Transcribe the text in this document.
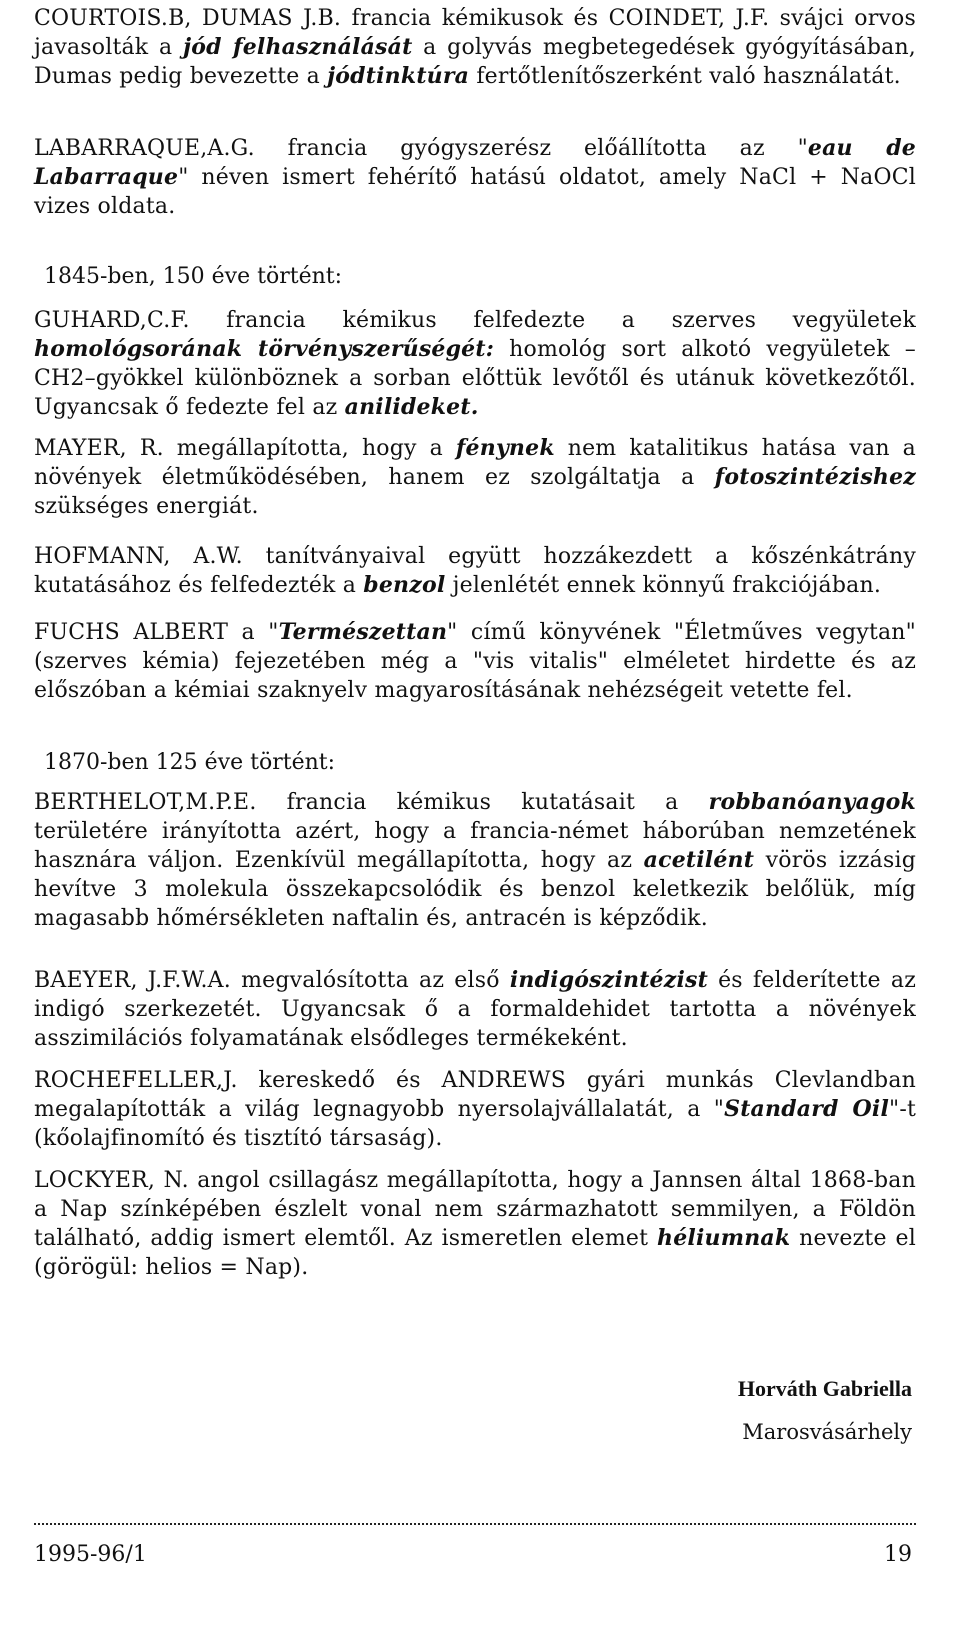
COURTOIS.B, DUMAS J.B. francia kémikusok és COINDET, J.F. svájci orvos javasolták a jód felhasználását a golyvás megbetegedések gyógyításában, Dumas pedig bevezette a jódtinktúra fertőtlenítőszerként való használatát.
LABARRAQUE,A.G. francia gyógyszerész előállította az "eau de Labarraque" néven ismert fehérítő hatású oldatot, amely NaCl + NaOCl vizes oldata.
1845-ben, 150 éve történt:
GUHARD,C.F. francia kémikus felfedezte a szerves vegyületek homológsorának törvényszerűségét: homológ sort alkotó vegyületek –CH2–gyökkel különböznek a sorban előttük levőtől és utánuk következőtől. Ugyancsak ő fedezte fel az anilideket.
MAYER, R. megállapította, hogy a fénynek nem katalitikus hatása van a növények életműködésében, hanem ez szolgáltatja a fotoszintézishez szükséges energiát.
HOFMANN, A.W. tanítványaival együtt hozzákezdett a kőszénkátrány kutatásához és felfedezték a benzol jelenlétét ennek könnyű frakciójában.
FUCHS ALBERT a "Természettan" című könyvének "Életműves vegytan" (szerves kémia) fejezetében még a "vis vitalis" elméletet hirdette és az előszóban a kémiai szaknyelv magyarosításának nehézségeit vetette fel.
1870-ben 125 éve történt:
BERTHELOT,M.P.E. francia kémikus kutatásait a robbanóanyagok területére irányította azért, hogy a francia-német háborúban nemzetének hasznára váljon. Ezenkívül megállapította, hogy az acetilént vörös izzásig hevítve 3 molekula összekapcsolódik és benzol keletkezik belőlük, míg magasabb hőmérsékleten naftalin és, antracén is képződik.
BAEYER, J.F.W.A. megvalósította az első indigószintézist és felderítette az indigó szerkezetét. Ugyancsak ő a formaldehidet tartotta a növények asszimilációs folyamatának elsődleges termékeként.
ROCHEFELLER,J. kereskedő és ANDREWS gyári munkás Clevlandban megalapították a világ legnagyobb nyersolajvállalatát, a "Standard Oil"-t (kőolajfinomító és tisztító társaság).
LOCKYER, N. angol csillagász megállapította, hogy a Jannsen által 1868-ban a Nap színképében észlelt vonal nem származhatott semmilyen, a Földön található, addig ismert elemtől. Az ismeretlen elemet héliumnak nevezte el (görögül: helios = Nap).
Horváth Gabriella
Marosvásárhely
1995-96/1	19
